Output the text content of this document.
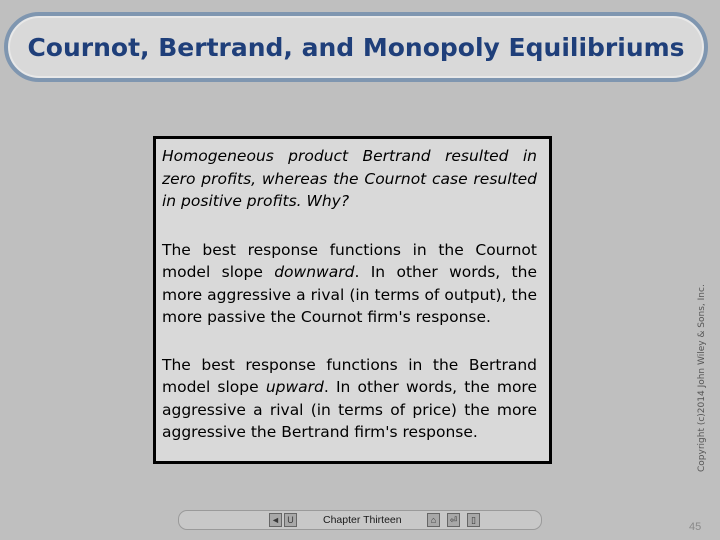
Cournot, Bertrand, and Monopoly Equilibriums

Homogeneous product Bertrand resulted in zero profits, whereas the Cournot case resulted in positive profits. Why?

The best response functions in the Cournot model slope downward. In other words, the more aggressive a rival (in terms of output), the more passive the Cournot firm's response.

The best response functions in the Bertrand model slope upward. In other words, the more aggressive a rival (in terms of price) the more aggressive the Bertrand firm's response.	Copyright (c)2014 John Wiley & Sons, Inc.
◄ U	Chapter Thirteen	⌂	⏎	▯
45
